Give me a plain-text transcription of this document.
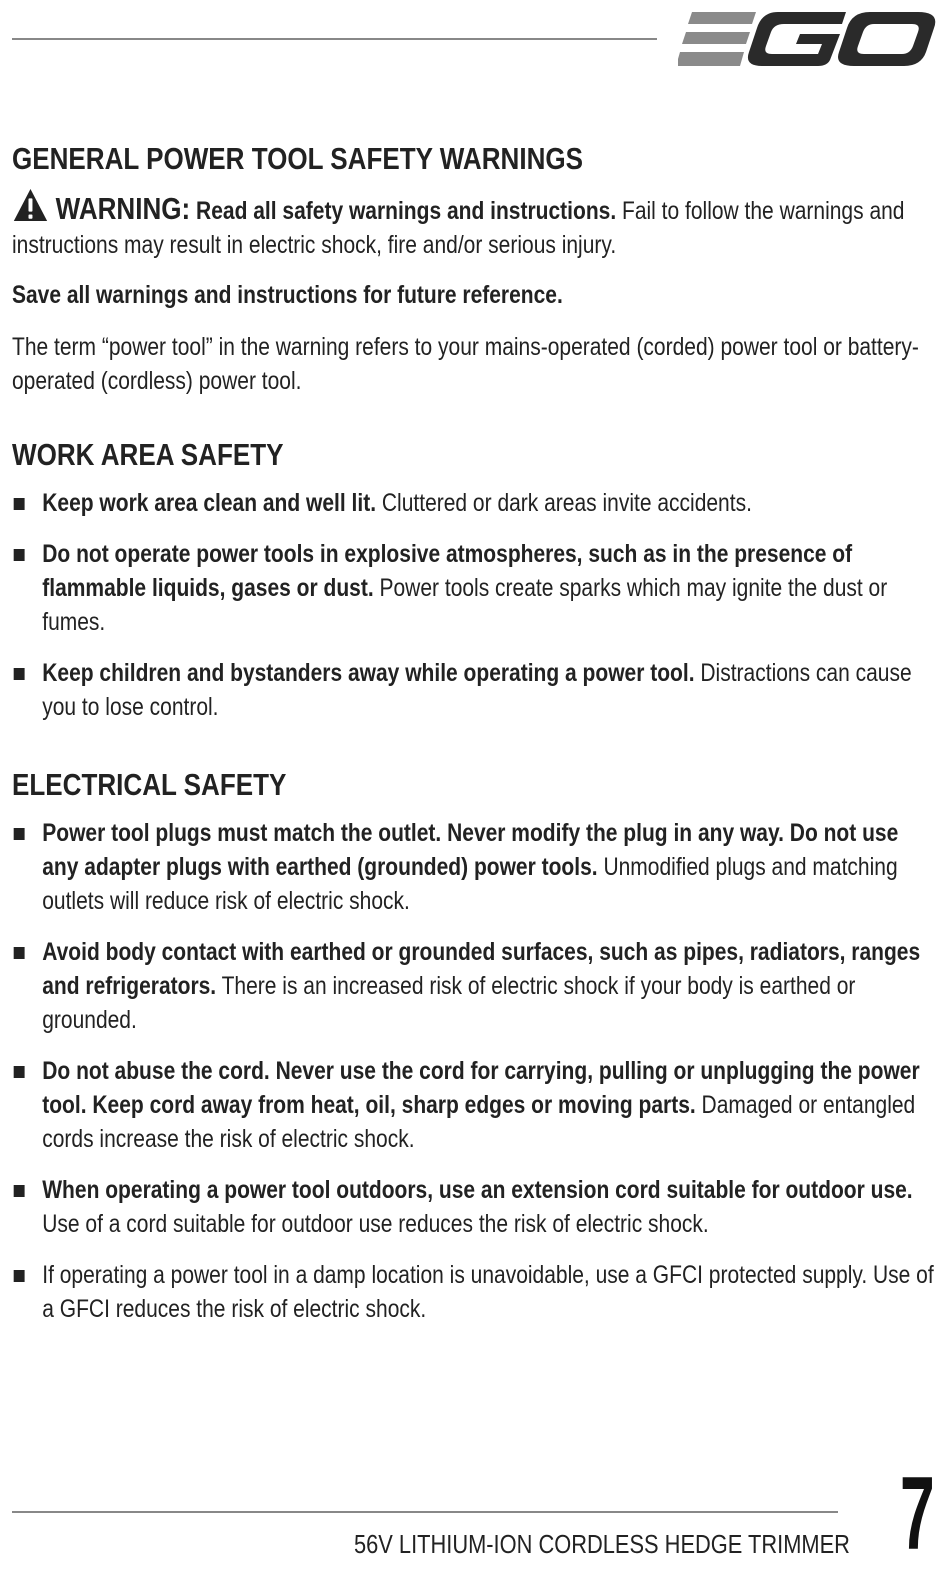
GENERAL POWER TOOL SAFETY WARNINGS

WARNING: Read all safety warnings and instructions. Fail to follow the warnings and instructions may result in electric shock, fire and/or serious injury.

Save all warnings and instructions for future reference.

The term “power tool” in the warning refers to your mains-operated (corded) power tool or battery-operated (cordless) power tool.

WORK AREA SAFETY
Keep work area clean and well lit. Cluttered or dark areas invite accidents.
Do not operate power tools in explosive atmospheres, such as in the presence of flammable liquids, gases or dust. Power tools create sparks which may ignite the dust or fumes.
Keep children and bystanders away while operating a power tool. Distractions can cause you to lose control.
ELECTRICAL SAFETY
Power tool plugs must match the outlet. Never modify the plug in any way. Do not use any adapter plugs with earthed (grounded) power tools. Unmodified plugs and matching outlets will reduce risk of electric shock.
Avoid body contact with earthed or grounded surfaces, such as pipes, radiators, ranges and refrigerators. There is an increased risk of electric shock if your body is earthed or grounded.
Do not abuse the cord. Never use the cord for carrying, pulling or unplugging the power tool. Keep cord away from heat, oil, sharp edges or moving parts. Damaged or entangled cords increase the risk of electric shock.
When operating a power tool outdoors, use an extension cord suitable for outdoor use. Use of a cord suitable for outdoor use reduces the risk of electric shock.
If operating a power tool in a damp location is unavoidable, use a GFCI protected supply. Use of a GFCI reduces the risk of electric shock.
56V LITHIUM-ION CORDLESS HEDGE TRIMMER 7
